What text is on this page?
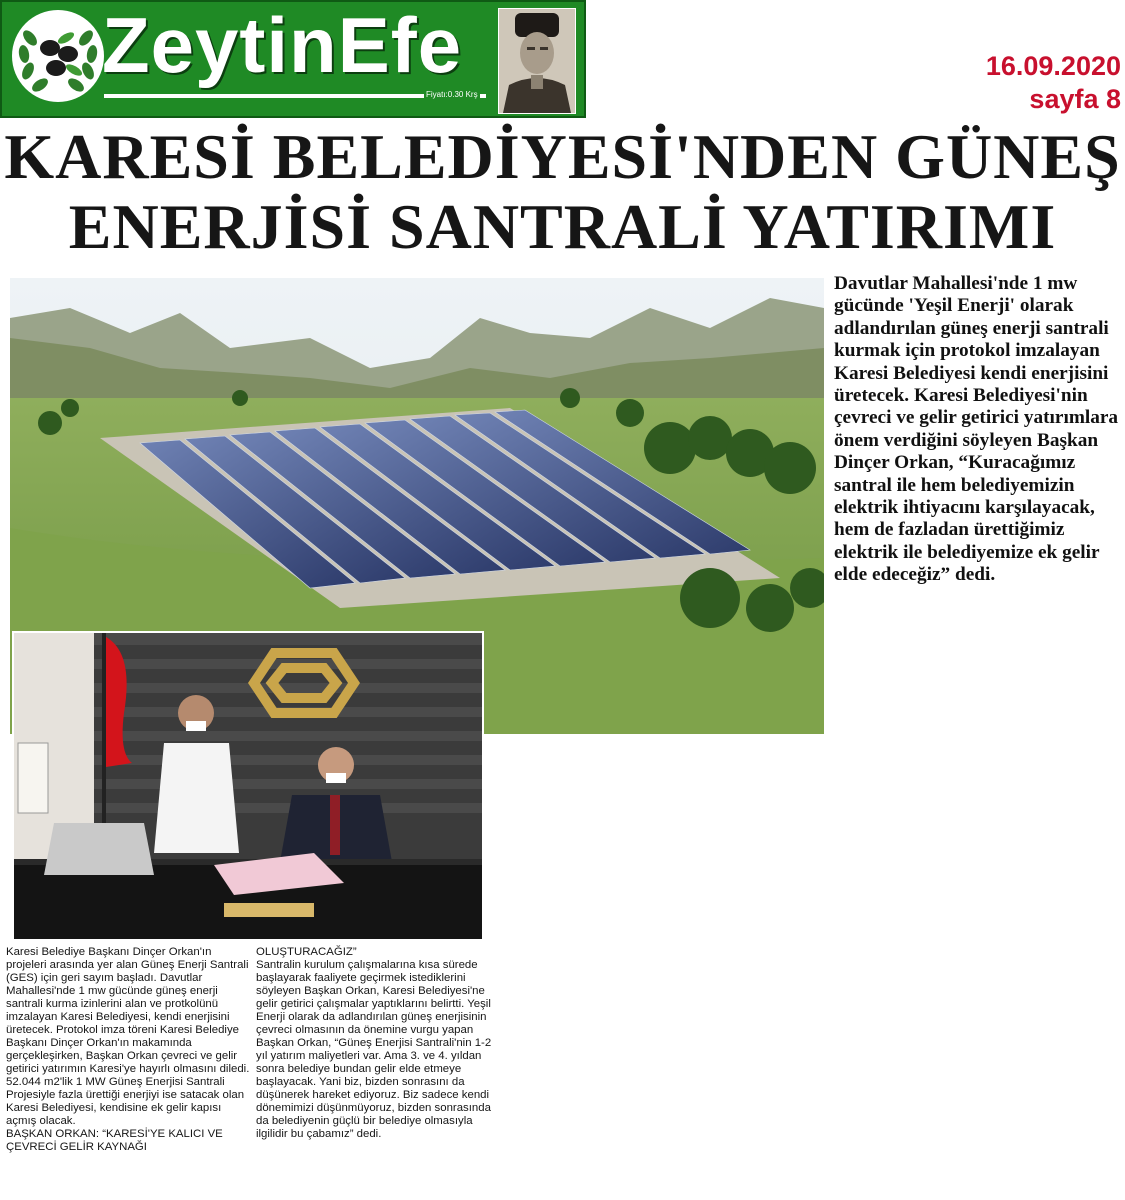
ZeytinEfe
Fiyatı:0.30 Krş
16.09.2020
sayfa 8
KARESİ BELEDİYESİ'NDEN GÜNEŞ
ENERJİSİ SANTRALİ YATIRIMI
Davutlar Mahallesi'nde 1 mw gücünde 'Yeşil Enerji' olarak adlandırılan güneş enerji santrali kurmak için protokol imzalayan Karesi Belediyesi kendi enerjisini üretecek. Karesi Belediyesi'nin çevreci ve gelir getirici yatırımlara önem verdiğini söyleyen Başkan Dinçer Orkan, “Kuracağımız santral ile hem belediyemizin elektrik ihtiyacını karşılayacak, hem de fazladan ürettiğimiz elektrik ile belediyemize ek gelir elde edeceğiz” dedi.

Karesi Belediye Başkanı Dinçer Orkan'ın projeleri arasında yer alan Güneş Enerji Santrali (GES) için geri sayım başladı. Davutlar Mahallesi'nde 1 mw gücünde güneş enerji santrali kurma izinlerini alan ve protkolünü imzalayan Karesi Belediyesi, kendi enerjisini üretecek. Protokol imza töreni Karesi Belediye Başkanı Dinçer Orkan'ın makamında gerçekleşirken, Başkan Orkan çevreci ve gelir getirici yatırımın Karesi'ye hayırlı olmasını diledi. 52.044 m2'lik 1 MW Güneş Enerjisi Santrali Projesiyle fazla ürettiği enerjiyi ise satacak olan Karesi Belediyesi, kendisine ek gelir kapısı açmış olacak.

BAŞKAN ORKAN: “KARESİ'YE KALICI VE ÇEVRECİ GELİR KAYNAĞI

OLUŞTURACAĞIZ”

Santralin kurulum çalışmalarına kısa sürede başlayarak faaliyete geçirmek istediklerini söyleyen Başkan Orkan, Karesi Belediyesi'ne gelir getirici çalışmalar yaptıklarını belirtti. Yeşil Enerji olarak da adlandırılan güneş enerjisinin çevreci olmasının da önemine vurgu yapan Başkan Orkan, “Güneş Enerjisi Santrali'nin 1-2 yıl yatırım maliyetleri var. Ama 3. ve 4. yıldan sonra belediye bundan gelir elde etmeye başlayacak. Yani biz, bizden sonrasını da düşünerek hareket ediyoruz. Biz sadece kendi dönemimizi düşünmüyoruz, bizden sonrasında da belediyenin güçlü bir belediye olmasıyla ilgilidir bu çabamız” dedi.
